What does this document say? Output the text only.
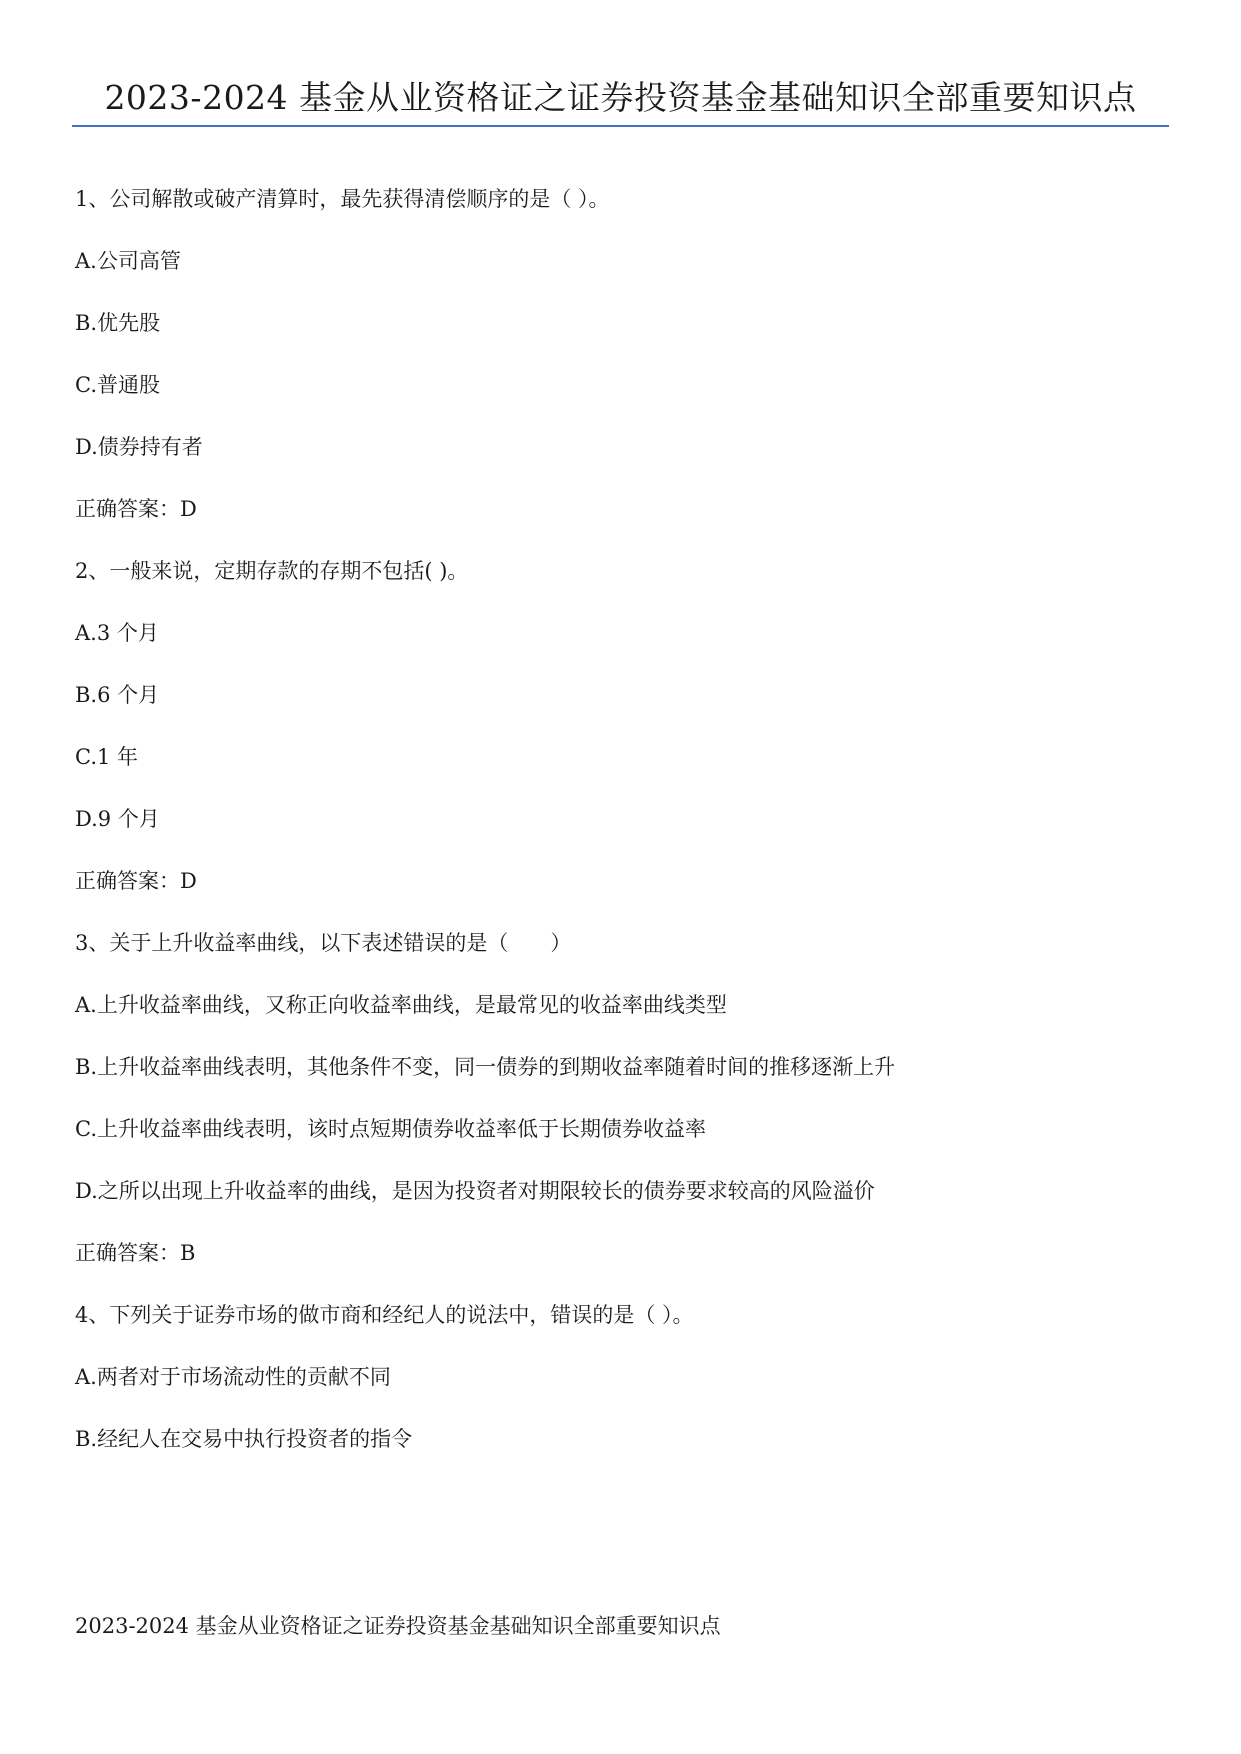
2023-2024 基金从业资格证之证券投资基金基础知识全部重要知识点
1、公司解散或破产清算时，最先获得清偿顺序的是（ ）。
A.公司高管
B.优先股
C.普通股
D.债券持有者
正确答案：D
2、一般来说，定期存款的存期不包括( )。
A.3 个月
B.6 个月
C.1 年
D.9 个月
正确答案：D
3、关于上升收益率曲线，以下表述错误的是（　　）
A.上升收益率曲线，又称正向收益率曲线，是最常见的收益率曲线类型
B.上升收益率曲线表明，其他条件不变，同一债券的到期收益率随着时间的推移逐渐上升
C.上升收益率曲线表明，该时点短期债券收益率低于长期债券收益率
D.之所以出现上升收益率的曲线，是因为投资者对期限较长的债券要求较高的风险溢价
正确答案：B
4、下列关于证券市场的做市商和经纪人的说法中，错误的是（ ）。
A.两者对于市场流动性的贡献不同
B.经纪人在交易中执行投资者的指令
2023-2024 基金从业资格证之证券投资基金基础知识全部重要知识点
